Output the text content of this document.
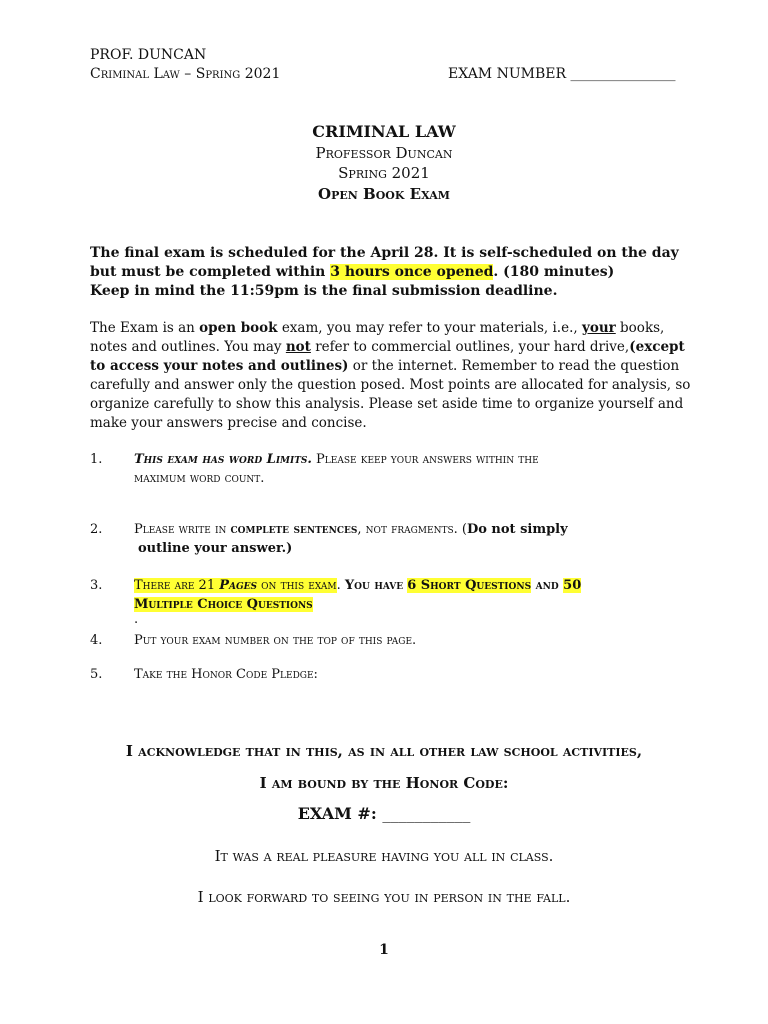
PROF. DUNCAN
Criminal Law – Spring 2021	EXAM NUMBER _______________
CRIMINAL LAW
Professor Duncan
Spring 2021
Open Book Exam
The final exam is scheduled for the April 28. It is self-scheduled on the day
but must be completed within 3 hours once opened. (180 minutes)
Keep in mind the 11:59pm is the final submission deadline.
The Exam is an open book exam, you may refer to your materials, i.e., your books,
notes and outlines. You may not refer to commercial outlines, your hard drive,(except
to access your notes and outlines) or the internet. Remember to read the question
carefully and answer only the question posed. Most points are allocated for analysis, so
organize carefully to show this analysis. Please set aside time to organize yourself and
make your answers precise and concise.
1.	This exam has word Limits. Please keep your answers within the
maximum word count.
2.	Please write in complete sentences, not fragments. (Do not simply
outline your answer.)
3.	There are 21 Pages on this exam. You have 6 Short Questions and 50
Multiple Choice Questions
.
4.	Put your exam number on the top of this page.
5.	Take the Honor Code Pledge:
I acknowledge that in this, as in all other law school activities,
I am bound by the Honor Code:
EXAM #: ___________
It was a real pleasure having you all in class.
I look forward to seeing you in person in the fall.
1
